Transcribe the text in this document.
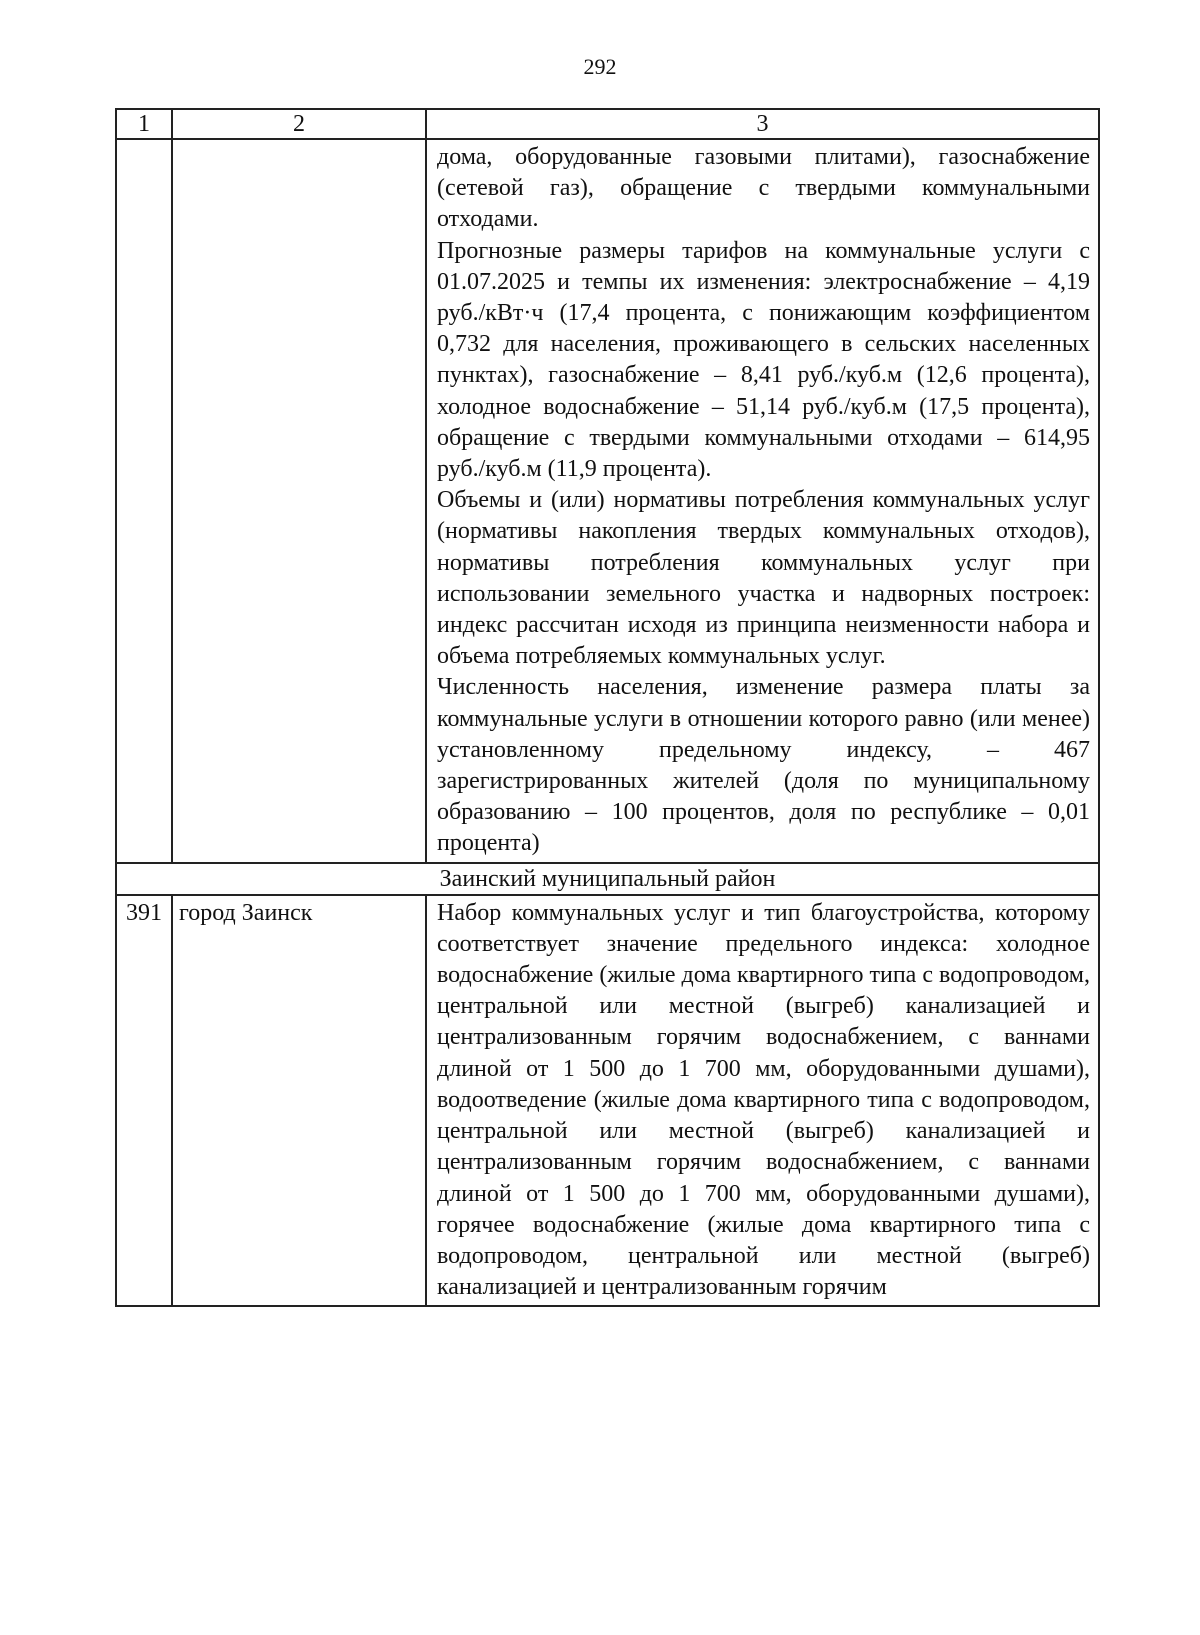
292
1	2	3

		дома, оборудованные газовыми плитами), газоснабжение (сетевой газ), обращение с твердыми коммунальными отходами.

Прогнозные размеры тарифов на коммунальные услуги с 01.07.2025 и темпы их изменения: электроснабжение – 4,19 руб./кВт·ч (17,4 процента, с понижающим коэффициентом 0,732 для населения, проживающего в сельских населенных пунктах), газоснабжение – 8,41 руб./куб.м (12,6 процента), холодное водоснабжение – 51,14 руб./куб.м (17,5 процента), обращение с твердыми коммунальными отходами – 614,95 руб./куб.м (11,9 процента).

Объемы и (или) нормативы потребления коммунальных услуг (нормативы накопления твердых коммунальных отходов), нормативы потребления коммунальных услуг при использовании земельного участка и надворных построек: индекс рассчитан исходя из принципа неизменности набора и объема потребляемых коммунальных услуг.

Численность населения, изменение размера платы за коммунальные услуги в отношении которого равно (или менее) установленному предельному индексу, – 467 зарегистрированных жителей (доля по муниципальному образованию – 100 процентов, доля по республике – 0,01 процента)

Заинский муниципальный район		
391	город Заинск	Набор коммунальных услуг и тип благоустройства, которому соответствует значение предельного индекса: холодное водоснабжение (жилые дома квартирного типа с водопроводом, центральной или местной (выгреб) канализацией и централизованным горячим водоснабжением, с ваннами длиной от 1 500 до 1 700 мм, оборудованными душами), водоотведение (жилые дома квартирного типа с водопроводом, центральной или местной (выгреб) канализацией и централизованным горячим водоснабжением, с ваннами длиной от 1 500 до 1 700 мм, оборудованными душами), горячее водоснабжение (жилые дома квартирного типа с водопроводом, центральной или местной (выгреб) канализацией и централизованным горячим
